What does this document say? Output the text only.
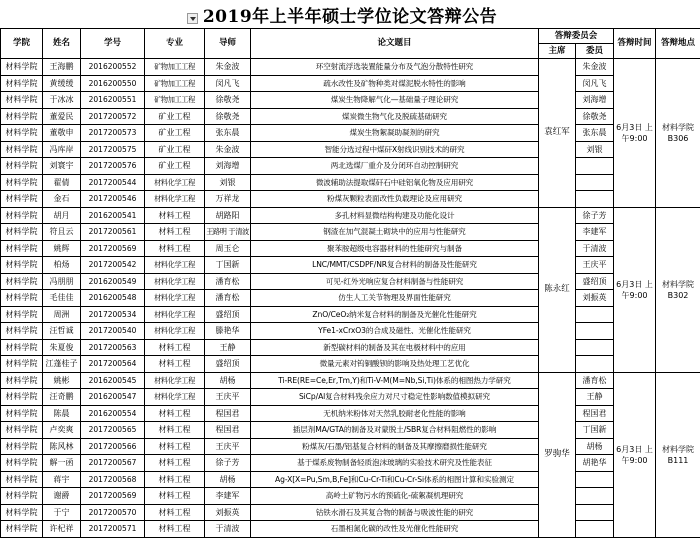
2019年上半年硕士学位论文答辩公告
学院	姓名	学号	专业	导师	论文题目	答辩委员会		答辩时间	答辩地点
						主席	委员		
材料学院	王海鹏	2016200552	矿物加工工程	朱金波	环空射流浮选装置能量分布及气泡分散特性研究	袁红军	朱金波	6月3日 上午9:00	材料学院 B306
材料学院	黄缓缓	2016200550	矿物加工工程	闵凡飞	疏水改性及矿物种类对煤泥脱水特性的影响		闵凡飞		
材料学院	于冰冰	2016200551	矿物加工工程	徐敬尧	煤炭生物降解气化—基础量子理论研究		刘海增		
材料学院	董爱民	2017200572	矿业工程	徐敬尧	煤炭微生物气化及脱硫基础研究		徐敬尧		
材料学院	董敬申	2017200573	矿业工程	张东晨	煤炭生物絮凝助凝剂的研究		张东晨		
材料学院	冯库岸	2017200575	矿业工程	朱金波	智能分选过程中煤矸X射线识别技术的研究		刘银		
材料学院	刘寰宇	2017200576	矿业工程	刘海增	两北选煤厂重介及分闭环自动控制研究				
材料学院	翟倩	2017200544	材料化学工程	刘银	微波辅助法提取煤矸石中硅铝氧化物及应用研究				
材料学院	金石	2017200546	材料化学工程	万祥龙	粉煤灰颗粒表面改性负载理论及应用研究				
材料学院	胡月	2016200541	材料工程	胡路阳	多孔材料显微结构构建及功能化设计	陈永红	徐子芳	6月3日 上午9:00	材料学院 B302
材料学院	符且云	2017200561	材料工程	王路明 于清波	钢渣在加气混凝土砌块中的应用与性能研究		李建军		
材料学院	姚辉	2017200569	材料工程	周玉仑	聚苯胺超级电容器材料的性能研究与制备		于清波		
材料学院	柏炀	2017200542	材料化学工程	丁国新	LNC/MMT/CSDPF/NR复合材料的制备及性能研究		王庆平		
材料学院	冯朋朋	2016200549	材料化学工程	潘育松	可见-红外光响应复合材料制备与性能研究		盛绍顶		
材料学院	毛佳佳	2016200548	材料化学工程	潘育松	仿生人工关节物理及界面性能研究		刘振英		
材料学院	周洲	2017200534	材料化学工程	盛绍顶	ZnO/CeO₂纳米复合材料的制备及光催化性能研究				
材料学院	汪哲诚	2017200540	材料化学工程	滕艳华	YFe1-xCrxO3的合成及磁性、光催化性能研究				
材料学院	朱夏俊	2017200563	材料工程	王静	新型碳材料的制备及其在电极材料中的应用				
材料学院	江蓬桂子	2017200564	材料工程	盛绍顶	微量元素对钨铜酸钡的影响及热处理工艺优化				
材料学院	姚彬	2016200545	材料化学工程	胡杨	Ti-RE(RE=Ce,Er,Tm,Y)和Ti-V-M(M=Nb,Si,Ti)体系的相图热力学研究	罗驹华	潘育松	6月3日 上午9:00	材料学院 B111
材料学院	汪奇鹏	2016200547	材料化学工程	王庆平	SiCp/Al复合材料残余应力对尺寸稳定性影响数值模拟研究		王静		
材料学院	陈晨	2016200554	材料工程	程国君	无机纳米粉体对天然乳胶耐老化性能的影响		程国君		
材料学院	卢奕爽	2017200565	材料工程	程国君	插层剂MA/GTA的制备及对蒙脱土/SBR复合材料阻燃性的影响		丁国新		
材料学院	陈风林	2017200566	材料工程	王庆平	粉煤灰/石墨/铝基复合材料的制备及其摩擦磨损性能研究		胡杨		
材料学院	解一函	2017200567	材料工程	徐子芳	基于煤系废物制备轻质泡沫玻璃的实验技术研究及性能表征		胡艳华		
材料学院	蒋宇	2017200568	材料工程	胡杨	Ag-X[X=Pu,Sm,B,Fe]和Cu-Cr-Ti和Cu-Cr-Si体系的相图计算和实验测定				
材料学院	谢爵	2017200569	材料工程	李建军	高岭土矿物污水的预硫化-硫絮凝机理研究				
材料学院	于宁	2017200570	材料工程	刘振英	钴铁水滑石及其复合物的制备与吸波性能的研究				
材料学院	许杞祥	2017200571	材料工程	于清波	石墨相氮化碳的改性及光催化性能研究				
